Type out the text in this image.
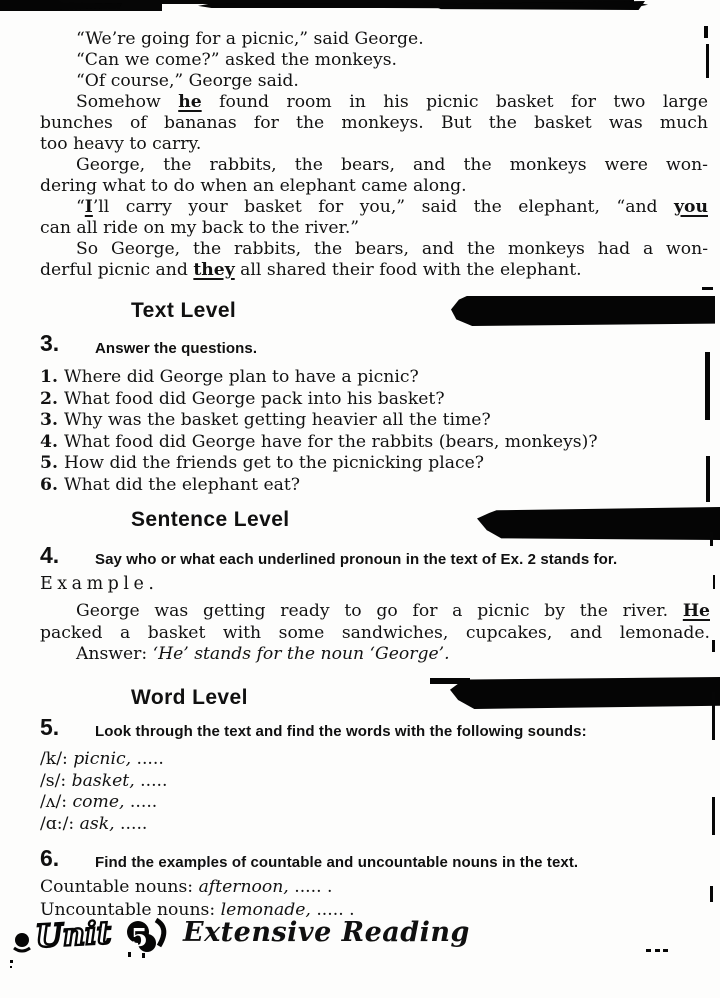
“We’re going for a picnic,” said George.
“Can we come?” asked the monkeys.
“Of course,” George said.
Somehow he found room in his picnic basket for two large
bunches of bananas for the monkeys. But the basket was much
too heavy to carry.
George, the rabbits, the bears, and the monkeys were won-
dering what to do when an elephant came along.
“I’ll carry your basket for you,” said the elephant, “and you
can all ride on my back to the river.”
So George, the rabbits, the bears, and the monkeys had a won-
derful picnic and they all shared their food with the elephant.
Text Level
3. Answer the questions.
1. Where did George plan to have a picnic?
2. What food did George pack into his basket?
3. Why was the basket getting heavier all the time?
4. What food did George have for the rabbits (bears, monkeys)?
5. How did the friends get to the picnicking place?
6. What did the elephant eat?
Sentence Level
4. Say who or what each underlined pronoun in the text of Ex. 2 stands for.
Example.
George was getting ready to go for a picnic by the river. He
packed a basket with some sandwiches, cupcakes, and lemonade.
Answer: ‘He’ stands for the noun ‘George’.
Word Level
5. Look through the text and find the words with the following sounds:
/k/: picnic, .....
/s/: basket, .....
/ʌ/: come, .....
/ɑ:/: ask, .....
6. Find the examples of countable and uncountable nouns in the text.
Countable nouns: afternoon, ..... .
Uncountable nouns: lemonade, ..... .
Unit 5 Extensive Reading
